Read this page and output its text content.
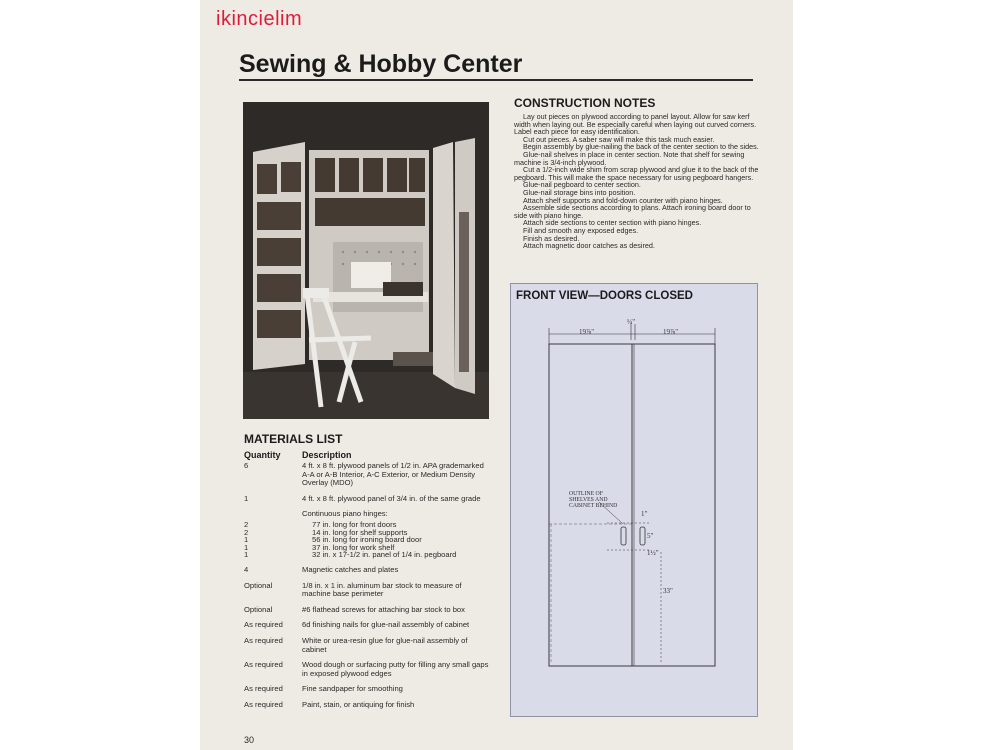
ikincielim
Sewing & Hobby Center
CONSTRUCTION NOTES

Lay out pieces on plywood according to panel layout. Allow for saw kerf width when laying out. Be especially careful when laying out curved corners. Label each piece for easy identification.

Cut out pieces. A saber saw will make this task much easier.

Begin assembly by glue-nailing the back of the center section to the sides.

Glue-nail shelves in place in center section. Note that shelf for sewing machine is 3/4-inch plywood.

Cut a 1/2-inch wide shim from scrap plywood and glue it to the back of the pegboard. This will make the space necessary for using pegboard hangers.

Glue-nail pegboard to center section.

Glue-nail storage bins into position.

Attach shelf supports and fold-down counter with piano hinges.

Assemble side sections according to plans. Attach ironing board door to side with piano hinge.

Attach side sections to center section with piano hinges.

Fill and smooth any exposed edges.

Finish as desired.

Attach magnetic door catches as desired.

MATERIALS LIST
Quantity	Description
6	4 ft. x 8 ft. plywood panels of 1/2 in. APA grademarked A-A or A-B Interior, A-C Exterior, or Medium Density Overlay (MDO)
1	4 ft. x 8 ft. plywood panel of 3/4 in. of the same grade
Continuous piano hinges:
2	77 in. long for front doors
2	14 in. long for shelf supports
1	56 in. long for ironing board door
1	37 in. long for work shelf
1	32 in. x 17-1/2 in. panel of 1/4 in. pegboard
4	Magnetic catches and plates
Optional	1/8 in. x 1 in. aluminum bar stock to measure of machine base perimeter
Optional	#6 flathead screws for attaching bar stock to box
As required	6d finishing nails for glue-nail assembly of cabinet
As required	White or urea-resin glue for glue-nail assembly of cabinet
As required	Wood dough or surfacing putty for filling any small gaps in exposed plywood edges
As required	Fine sandpaper for smoothing
As required	Paint, stain, or antiquing for finish
30
FRONT VIEW—DOORS CLOSED
19⅞"
¼"
19⅞"
OUTLINE OF SHELVES AND CABINET BEHIND
1"
5"
1½"
33"
